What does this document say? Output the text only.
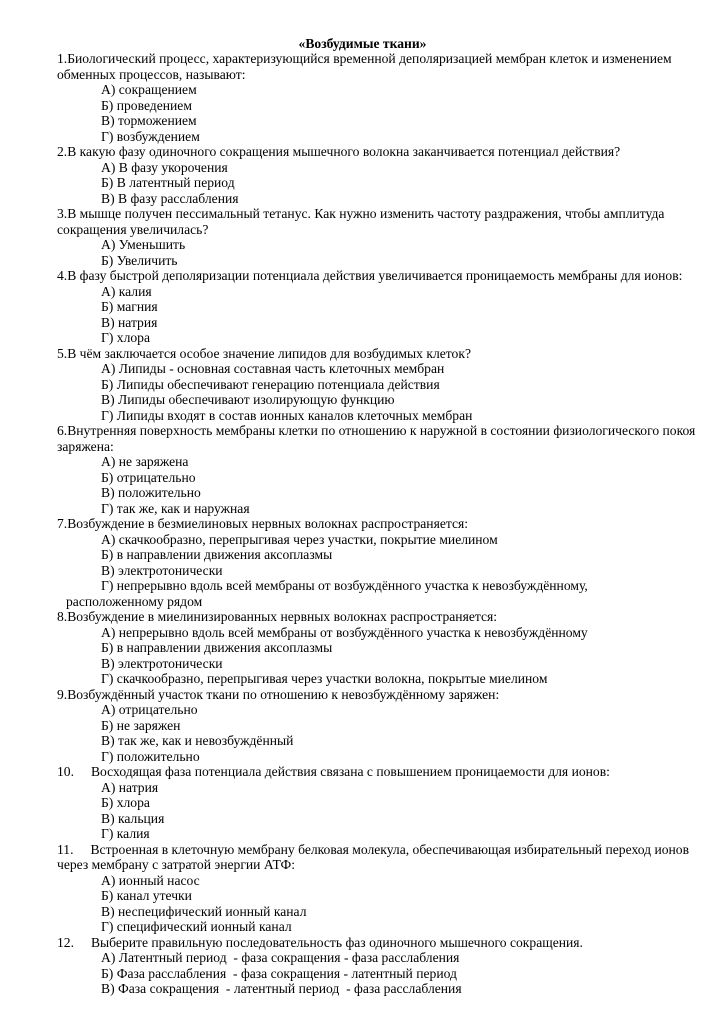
«Возбудимые ткани»
1.Биологический процесс, характеризующийся временной деполяризацией мембран клеток и изменением обменных процессов, называют:
А) сокращением
Б) проведением
В) торможением
Г) возбуждением
2.В какую фазу одиночного сокращения мышечного волокна заканчивается потенциал действия?
А) В фазу укорочения
Б) В латентный период
В) В фазу расслабления
3.В мышце получен пессимальный тетанус. Как нужно изменить частоту раздражения, чтобы амплитуда сокращения увеличилась?
А) Уменьшить
Б) Увеличить
4.В фазу быстрой деполяризации потенциала действия увеличивается проницаемость мембраны для ионов:
А) калия
Б) магния
В) натрия
Г) хлора
5.В чём заключается особое значение липидов для возбудимых клеток?
А) Липиды - основная составная часть клеточных мембран
Б) Липиды обеспечивают генерацию потенциала действия
В) Липиды обеспечивают изолирующую функцию
Г) Липиды входят в состав ионных каналов клеточных мембран
6.Внутренняя поверхность мембраны клетки по отношению к наружной в состоянии физиологического покоя заряжена:
А) не заряжена
Б) отрицательно
В) положительно
Г) так же, как и наружная
7.Возбуждение в безмиелиновых нервных волокнах распространяется:
А) скачкообразно, перепрыгивая через участки, покрытие миелином
Б) в направлении движения аксоплазмы
В) электротонически
Г) непрерывно вдоль всей мембраны от возбуждённого участка к невозбуждённому,
расположенному рядом
8.Возбуждение в миелинизированных нервных волокнах распространяется:
А) непрерывно вдоль всей мембраны от возбуждённого участка к невозбуждённому
Б) в направлении движения аксоплазмы
В) электротонически
Г) скачкообразно, перепрыгивая через участки волокна, покрытые миелином
9.Возбуждённый участок ткани по отношению к невозбуждённому заряжен:
А) отрицательно
Б) не заряжен
В) так же, как и невозбуждённый
Г) положительно
10.     Восходящая фаза потенциала действия связана с повышением проницаемости для ионов:
А) натрия
Б) хлора
В) кальция
Г) калия
11.     Встроенная в клеточную мембрану белковая молекула, обеспечивающая избирательный переход ионов через мембрану с затратой энергии АТФ:
А) ионный насос
Б) канал утечки
В) неспецифический ионный канал
Г) специфический ионный канал
12.     Выберите правильную последовательность фаз одиночного мышечного сокращения.
А) Латентный период  - фаза сокращения - фаза расслабления
Б) Фаза расслабления  - фаза сокращения - латентный период
В) Фаза сокращения  - латентный период  - фаза расслабления
